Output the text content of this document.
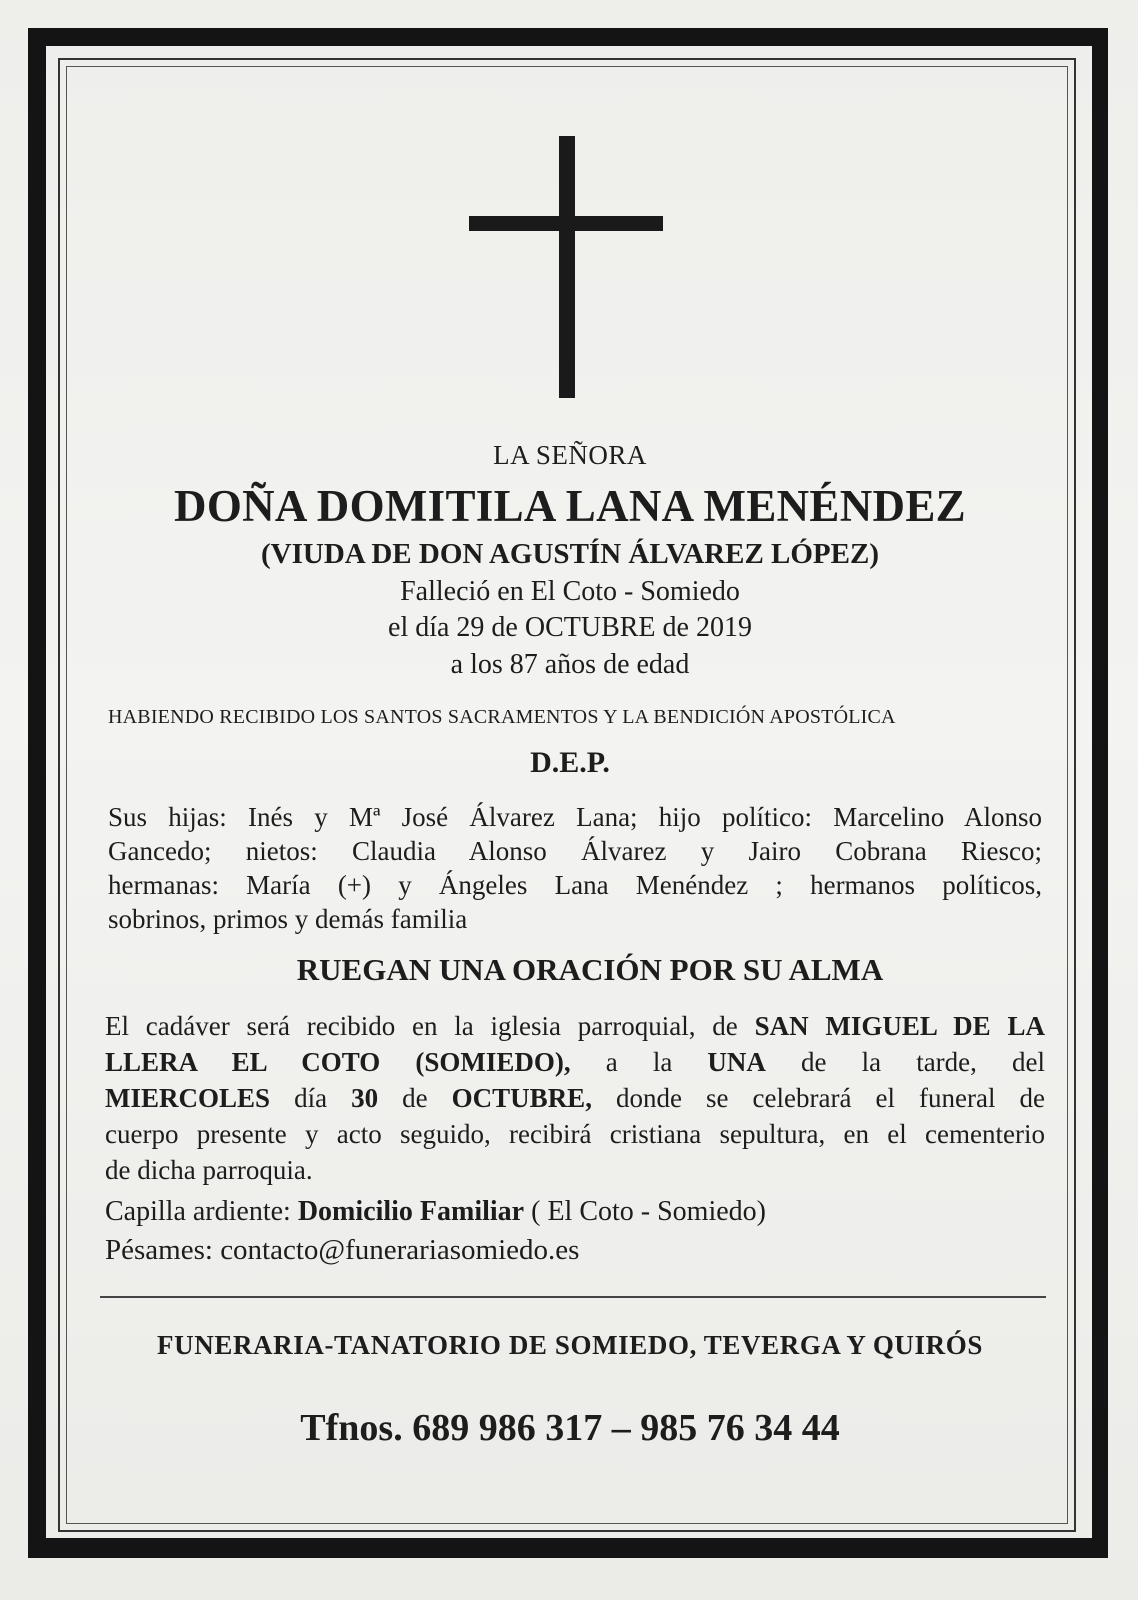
LA SEÑORA
DOÑA DOMITILA LANA MENÉNDEZ
(VIUDA DE DON AGUSTÍN ÁLVAREZ LÓPEZ)
Falleció en El Coto - Somiedo
el día 29 de OCTUBRE de 2019
a los 87 años de edad
HABIENDO RECIBIDO LOS SANTOS SACRAMENTOS Y LA BENDICIÓN APOSTÓLICA
D.E.P.
Sus hijas: Inés y Mª José Álvarez Lana; hijo político: Marcelino Alonso
Gancedo; nietos: Claudia Alonso Álvarez y Jairo Cobrana Riesco;
hermanas: María (+) y Ángeles Lana Menéndez ; hermanos políticos,
sobrinos, primos y demás familia
RUEGAN UNA ORACIÓN POR SU ALMA
El cadáver será recibido en la iglesia parroquial, de SAN MIGUEL DE LA
LLERA EL COTO (SOMIEDO), a la UNA de la tarde, del
MIERCOLES día 30 de OCTUBRE, donde se celebrará el funeral de
cuerpo presente y acto seguido, recibirá cristiana sepultura, en el cementerio
de dicha parroquia.
Capilla ardiente: Domicilio Familiar ( El Coto - Somiedo)
Pésames: contacto@funerariasomiedo.es
FUNERARIA-TANATORIO DE SOMIEDO, TEVERGA Y QUIRÓS
Tfnos. 689 986 317 – 985 76 34 44
